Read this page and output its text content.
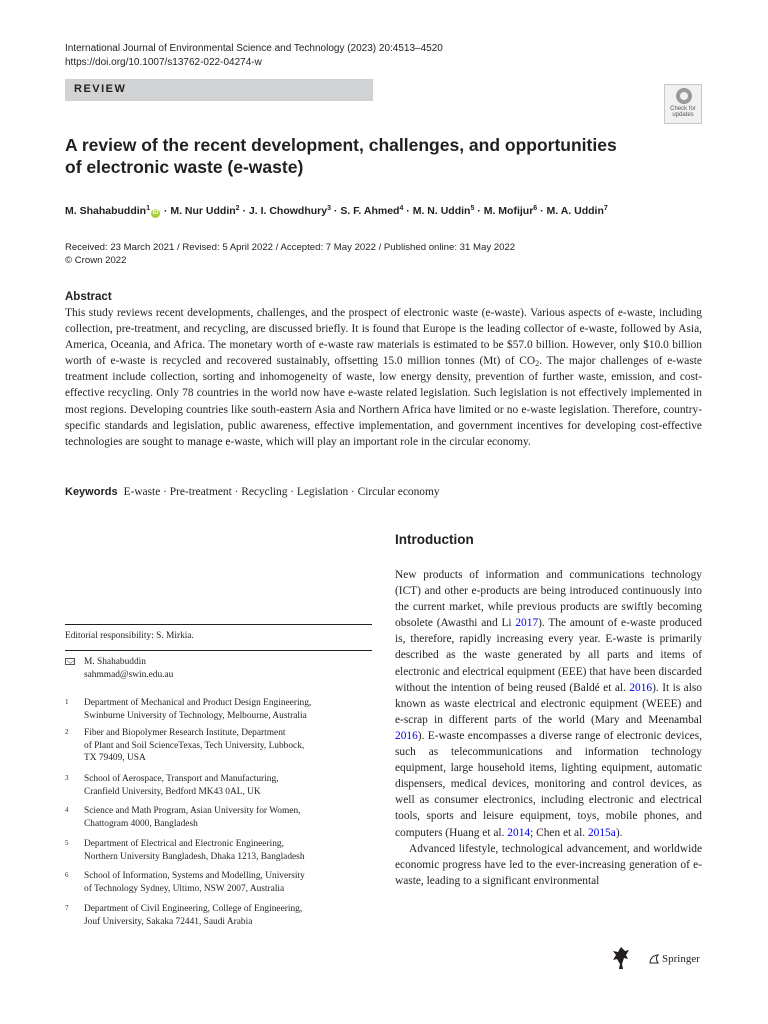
International Journal of Environmental Science and Technology (2023) 20:4513–4520
https://doi.org/10.1007/s13762-022-04274-w
REVIEW
Check for
updates
A review of the recent development, challenges, and opportunities
of electronic waste (e-waste)
M. Shahabuddin$^1$iD · M. Nur Uddin$^2$ · J. I. Chowdhury$^3$ · S. F. Ahmed$^4$ · M. N. Uddin$^5$ · M. Mofijur$^6$ · M. A. Uddin$^7$
Received: 23 March 2021 / Revised: 5 April 2022 / Accepted: 7 May 2022 / Published online: 31 May 2022
© Crown 2022
Abstract
This study reviews recent developments, challenges, and the prospect of electronic waste (e-waste). Various aspects of e-waste, including collection, pre-treatment, and recycling, are discussed briefly. It is found that Europe is the leading collector of e-waste, followed by Asia, America, Oceania, and Africa. The monetary worth of e-waste raw materials is estimated to be $57.0 billion. However, only $10.0 billion worth of e-waste is recycled and recovered sustainably, offsetting 15.0 million tonnes (Mt) of $CO_2$. The major challenges of e-waste treatment include collection, sorting and inhomogeneity of waste, low energy density, prevention of further waste, emission, and cost-effective recycling. Only 78 countries in the world now have e-waste related legislation. Such legislation is not effectively implemented in most regions. Developing countries like south-eastern Asia and Northern Africa have limited or no e-waste legislation. Therefore, country-specific standards and legislation, public awareness, effective implementation, and government incentives for developing cost-effective technologies are sought to manage e-waste, which will play an important role in the circular economy.
Keywords E-waste · Pre-treatment · Recycling · Legislation · Circular economy
Introduction

New products of information and communications technology (ICT) and other e-products are being introduced continuously into the current market, while previous products are swiftly becoming obsolete (Awasthi and Li 2017). The amount of e-waste produced is, therefore, rapidly increasing every year. E-waste is primarily described as the waste generated by all parts and items of electronic and electrical equipment (EEE) that have been discarded without the intention of being reused (Baldé et al. 2016). It is also known as waste electrical and electronic equipment (WEEE) and e-scrap in different parts of the world (Mary and Meenambal 2016). E-waste encompasses a diverse range of electronic devices, such as telecommunications and information technology equipment, large household items, lighting equipment, automatic dispensers, medical devices, monitoring and control devices, as well as consumer electronics, including electronic and electrical tools, sports and leisure equipment, toys, mobile phones, and computers (Huang et al. 2014; Chen et al. 2015a).

Advanced lifestyle, technological advancement, and worldwide economic progress have led to the ever-increasing generation of e-waste, leading to a significant environmental

Editorial responsibility: S. Mirkia.
M. Shahabuddin
sahmmad@swin.edu.au
1 Department of Mechanical and Product Design Engineering,
Swinburne University of Technology, Melbourne, Australia
2 Fiber and Biopolymer Research Institute, Department
of Plant and Soil ScienceTexas, Tech University, Lubbock,
TX 79409, USA
3 School of Aerospace, Transport and Manufacturing,
Cranfield University, Bedford MK43 0AL, UK
4 Science and Math Program, Asian University for Women,
Chattogram 4000, Bangladesh
5 Department of Electrical and Electronic Engineering,
Northern University Bangladesh, Dhaka 1213, Bangladesh
6 School of Information, Systems and Modelling, University
of Technology Sydney, Ultimo, NSW 2007, Australia
7 Department of Civil Engineering, College of Engineering,
Jouf University, Sakaka 72441, Saudi Arabia
Springer
